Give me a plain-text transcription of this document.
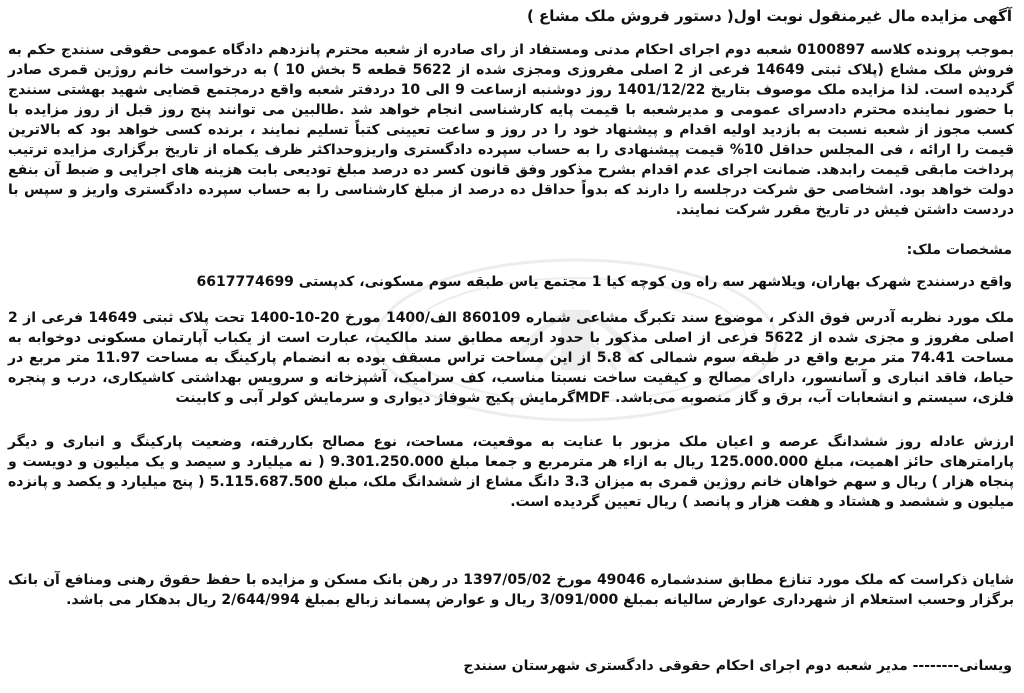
آگهی مزایده مال غیرمنقول نوبت اول( دستور فروش ملک مشاع )

بموجب پرونده کلاسه 0100897 شعبه دوم اجرای احکام مدنی ومستفاد از رای صادره از شعبه محترم پانزدهم دادگاه عمومی حقوقی سنندج حکم به فروش ملک مشاع (پلاک ثبتی 14649 فرعی از 2 اصلی مفروزی ومجزی شده از 5622 قطعه 5 بخش 10 ) به درخواست خانم روژین قمری صادر گردیده است. لذا مزایده ملک موصوف بتاریخ 1401/12/22 روز دوشنبه ازساعت 9 الی 10 دردفتر شعبه واقع درمجتمع قضایی شهید بهشتی سنندج با حضور نماینده محترم دادسرای عمومی و مدیرشعبه با قیمت پایه کارشناسی انجام خواهد شد .طالبین می توانند پنج روز قبل از روز مزایده با کسب مجوز از شعبه نسبت به بازدید اولیه اقدام و پیشنهاد خود را در روز و ساعت تعیینی کتباً تسلیم نمایند ، برنده کسی خواهد بود که بالاترین قیمت را ارائه ، فی المجلس حداقل 10% قیمت پیشنهادی را به حساب سپرده دادگستری واریزوحداکثر ظرف یکماه از تاریخ برگزاری مزایده ترتیب پرداخت مابقی قیمت رابدهد. ضمانت اجرای عدم اقدام بشرح مذکور وفق قانون کسر ده درصد مبلغ تودیعی بابت هزینه های اجرایی و ضبط آن بنفع دولت خواهد بود. اشخاصی حق شرکت درجلسه را دارند که بدواً حداقل ده درصد از مبلغ کارشناسی را به حساب سپرده دادگستری واریز و سپس با دردست داشتن فیش در تاریخ مقرر شرکت نمایند.

مشخصات ملک:

واقع درسنندج شهرک بهاران، ویلاشهر سه راه ون کوچه کیا 1 مجتمع یاس طبقه سوم مسکونی، کدپستی 6617774699

ملک مورد نظربه آدرس فوق الذکر ، موضوع سند تکبرگ مشاعی شماره 860109 الف/1400 مورخ 20-10-1400 تحت پلاک ثبتی 14649 فرعی از 2 اصلی مفروز و مجزی شده از 5622 فرعی از اصلی مذکور با حدود اربعه مطابق سند مالکیت، عبارت است از یکباب آپارتمان مسکونی دوخوابه به مساحت 74.41 متر مربع واقع در طبقه سوم شمالی که 5.8 از این مساحت تراس مسقف بوده به انضمام پارکینگ به مساحت 11.97 متر مربع در حیاط، فاقد انباری و آسانسور، دارای مصالح و کیفیت ساخت نسبتا مناسب، کف سرامیک، آشپزخانه و سرویس بهداشتی کاشیکاری، درب و پنجره فلزی، سیستم و انشعابات آب، برق و گاز منصوبه می‌باشد. MDFگرمایش پکیج شوفاژ دیواری و سرمایش کولر آبی و کابینت

ارزش عادله روز ششدانگ عرصه و اعیان ملک مزبور با عنایت به موقعیت، مساحت، نوع مصالح بکاررفته، وضعیت پارکینگ و انباری و دیگر پارامترهای حائز اهمیت، مبلغ 125.000.000 ریال به ازاء هر مترمربع و جمعا مبلغ 9.301.250.000 ( نه میلیارد و سیصد و یک میلیون و دویست و پنجاه هزار ) ریال و سهم خواهان خانم روژین قمری به میزان 3.3 دانگ مشاع از ششدانگ ملک، مبلغ 5.115.687.500 ( پنج میلیارد و یکصد و پانزده میلیون و ششصد و هشتاد و هفت هزار و پانصد ) ریال تعیین گردیده است.

شایان ذکراست که ملک مورد تنازع مطابق سندشماره 49046 مورخ 1397/05/02 در رهن بانک مسکن و مزایده با حفظ حقوق رهنی ومنافع آن بانک برگزار وحسب استعلام از شهرداری عوارض سالیانه بمبلغ 3/091/000 ریال و عوارض پسماند زبالع بمبلغ 2/644/994 ریال بدهکار می باشد.

ویسانی-------- مدیر شعبه دوم اجرای احکام حقوقی دادگستری شهرستان سنندج
